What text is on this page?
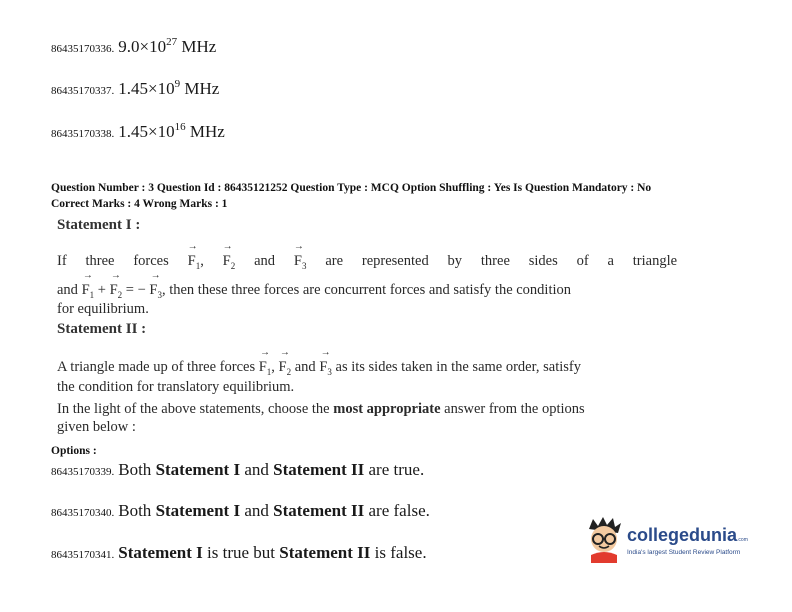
86435170336. $9.0\times 10^{27}$ MHz
86435170337. $1.45\times 10^9$ MHz
86435170338. $1.45\times 10^{16}$ MHz
Question Number : 3 Question Id : 86435121252 Question Type : MCQ Option Shuffling : Yes Is Question Mandatory : No
Correct Marks : 4 Wrong Marks : 1
Statement I :
If three forces
→
$F_1$,
→
$F_2$ and
→
$F_3$ are represented by three sides of a triangle
and
→
$F_1$ +
→
$F_2$ = −
→
$F_3$, then these three forces are concurrent forces and satisfy the condition
for equilibrium.
Statement II :
A triangle made up of three forces
→
$F_1$,
→
$F_2$ and
→
$F_3$ as its sides taken in the same order, satisfy
the condition for translatory equilibrium.
In the light of the above statements, choose the most appropriate answer from the options
given below :
Options :
86435170339. Both Statement I and Statement II are true.
86435170340. Both Statement I and Statement II are false.
86435170341. Statement I is true but Statement II is false.
collegedunia.com
India's largest Student Review Platform
